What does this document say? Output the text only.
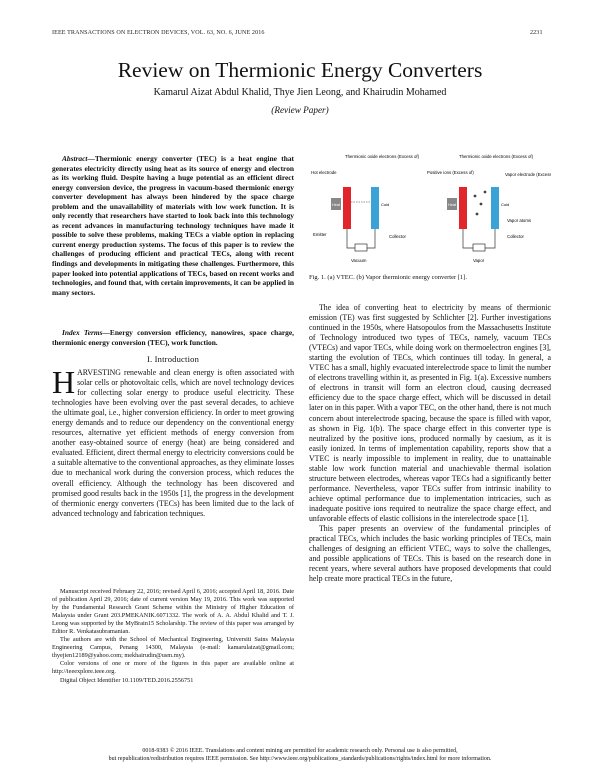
IEEE TRANSACTIONS ON ELECTRON DEVICES, VOL. 63, NO. 6, JUNE 2016	2231
Review on Thermionic Energy Converters
Kamarul Aizat Abdul Khalid, Thye Jien Leong, and Khairudin Mohamed
(Review Paper)

Abstract—Thermionic energy converter (TEC) is a heat engine that generates electricity directly using heat as its source of energy and electron as its working fluid. Despite having a huge potential as an efficient direct energy conversion device, the progress in vacuum-based thermionic energy converter development has always been hindered by the space charge problem and the unavailability of materials with low work function. It is only recently that researchers have started to look back into this technology as recent advances in manufacturing technology techniques have made it possible to solve these problems, making TECs a viable option in replacing current energy production systems. The focus of this paper is to review the challenges of producing efficient and practical TECs, along with recent findings and developments in mitigating these challenges. Furthermore, this paper looked into potential applications of TECs, based on recent works and technologies, and found that, with certain improvements, it can be applied in many sectors.

Index Terms—Energy conversion efficiency, nanowires, space charge, thermionic energy conversion (TEC), work function.

I. Introduction

HARVESTING renewable and clean energy is often associated with solar cells or photovoltaic cells, which are novel technology devices for collecting solar energy to produce useful electricity. These technologies have been evolving over the past several decades, to achieve the ultimate goal, i.e., higher conversion efficiency. In order to meet growing energy demands and to reduce our dependency on the conventional energy resources, alternative yet efficient methods of energy conversion from another easy-obtained source of energy (heat) are being considered and evaluated. Efficient, direct thermal energy to electricity conversions could be a suitable alternative to the conventional approaches, as they eliminate losses due to mechanical work during the conversion process, which reduces the overall efficiency. Although the technology has been discovered and promised good results back in the 1950s [1], the progress in the development of thermionic energy converters (TECs) has been limited due to the lack of advanced technology and fabrication techniques.

Manuscript received February 22, 2016; revised April 6, 2016; accepted April 18, 2016. Date of publication April 29, 2016; date of current version May 19, 2016. This work was supported by the Fundamental Research Grant Scheme within the Ministry of Higher Education of Malaysia under Grant 203.PMEKANIK.6071332. The work of A. A. Abdul Khalid and T. J. Leong was supported by the MyBrain15 Scholarship. The review of this paper was arranged by Editor R. Venkatasubramanian.

The authors are with the School of Mechanical Engineering, Universiti Sains Malaysia Engineering Campus, Penang 14300, Malaysia (e-mail: kamarulaizat@gmail.com; thyejien12189@yahoo.com; mekhairudin@usm.my).

Color versions of one or more of the figures in this paper are available online at http://ieeexplore.ieee.org.

Digital Object Identifier 10.1109/TED.2016.2556751

Thermionic oxide electrons (Excess of)
Hot electrode
Heat	Cold
Emitter	Collector
Vacuum
Thermionic oxide electrons (Excess of)
Positive ions (Excess of)	Vapor electrode (Excess)
Heat	Cold
Vapor atoms
Collector
Vapor
Fig. 1. (a) VTEC. (b) Vapor thermionic energy converter [1].

The idea of converting heat to electricity by means of thermionic emission (TE) was first suggested by Schlichter [2]. Further investigations continued in the 1950s, where Hatsopoulos from the Massachusetts Institute of Technology introduced two types of TECs, namely, vacuum TECs (VTECs) and vapor TECs, while doing work on thermoelectron engines [3], starting the evolution of TECs, which continues till today. In general, a VTEC has a small, highly evacuated interelectrode space to limit the number of electrons travelling within it, as presented in Fig. 1(a). Excessive numbers of electrons in transit will form an electron cloud, causing decreased efficiency due to the space charge effect, which will be discussed in detail later on in this paper. With a vapor TEC, on the other hand, there is not much concern about interelectrode spacing, because the space is filled with vapor, as shown in Fig. 1(b). The space charge effect in this converter type is neutralized by the positive ions, produced normally by caesium, as it is easily ionized. In terms of implementation capability, reports show that a VTEC is nearly impossible to implement in reality, due to unattainable stable low work function material and unachievable thermal isolation structure between electrodes, whereas vapor TECs had a significantly better performance. Nevertheless, vapor TECs suffer from intrinsic inability to achieve optimal performance due to implementation intricacies, such as inadequate positive ions required to neutralize the space charge effect, and unfavorable effects of elastic collisions in the interelectrode space [1].

This paper presents an overview of the fundamental principles of practical TECs, which includes the basic working principles of TECs, main challenges of designing an efficient VTEC, ways to solve the challenges, and possible applications of TECs. This is based on the research done in recent years, where several authors have proposed developments that could help create more practical TECs in the future,

0018-9383 © 2016 IEEE. Translations and content mining are permitted for academic research only. Personal use is also permitted,
but republication/redistribution requires IEEE permission. See http://www.ieee.org/publications_standards/publications/rights/index.html for more information.
